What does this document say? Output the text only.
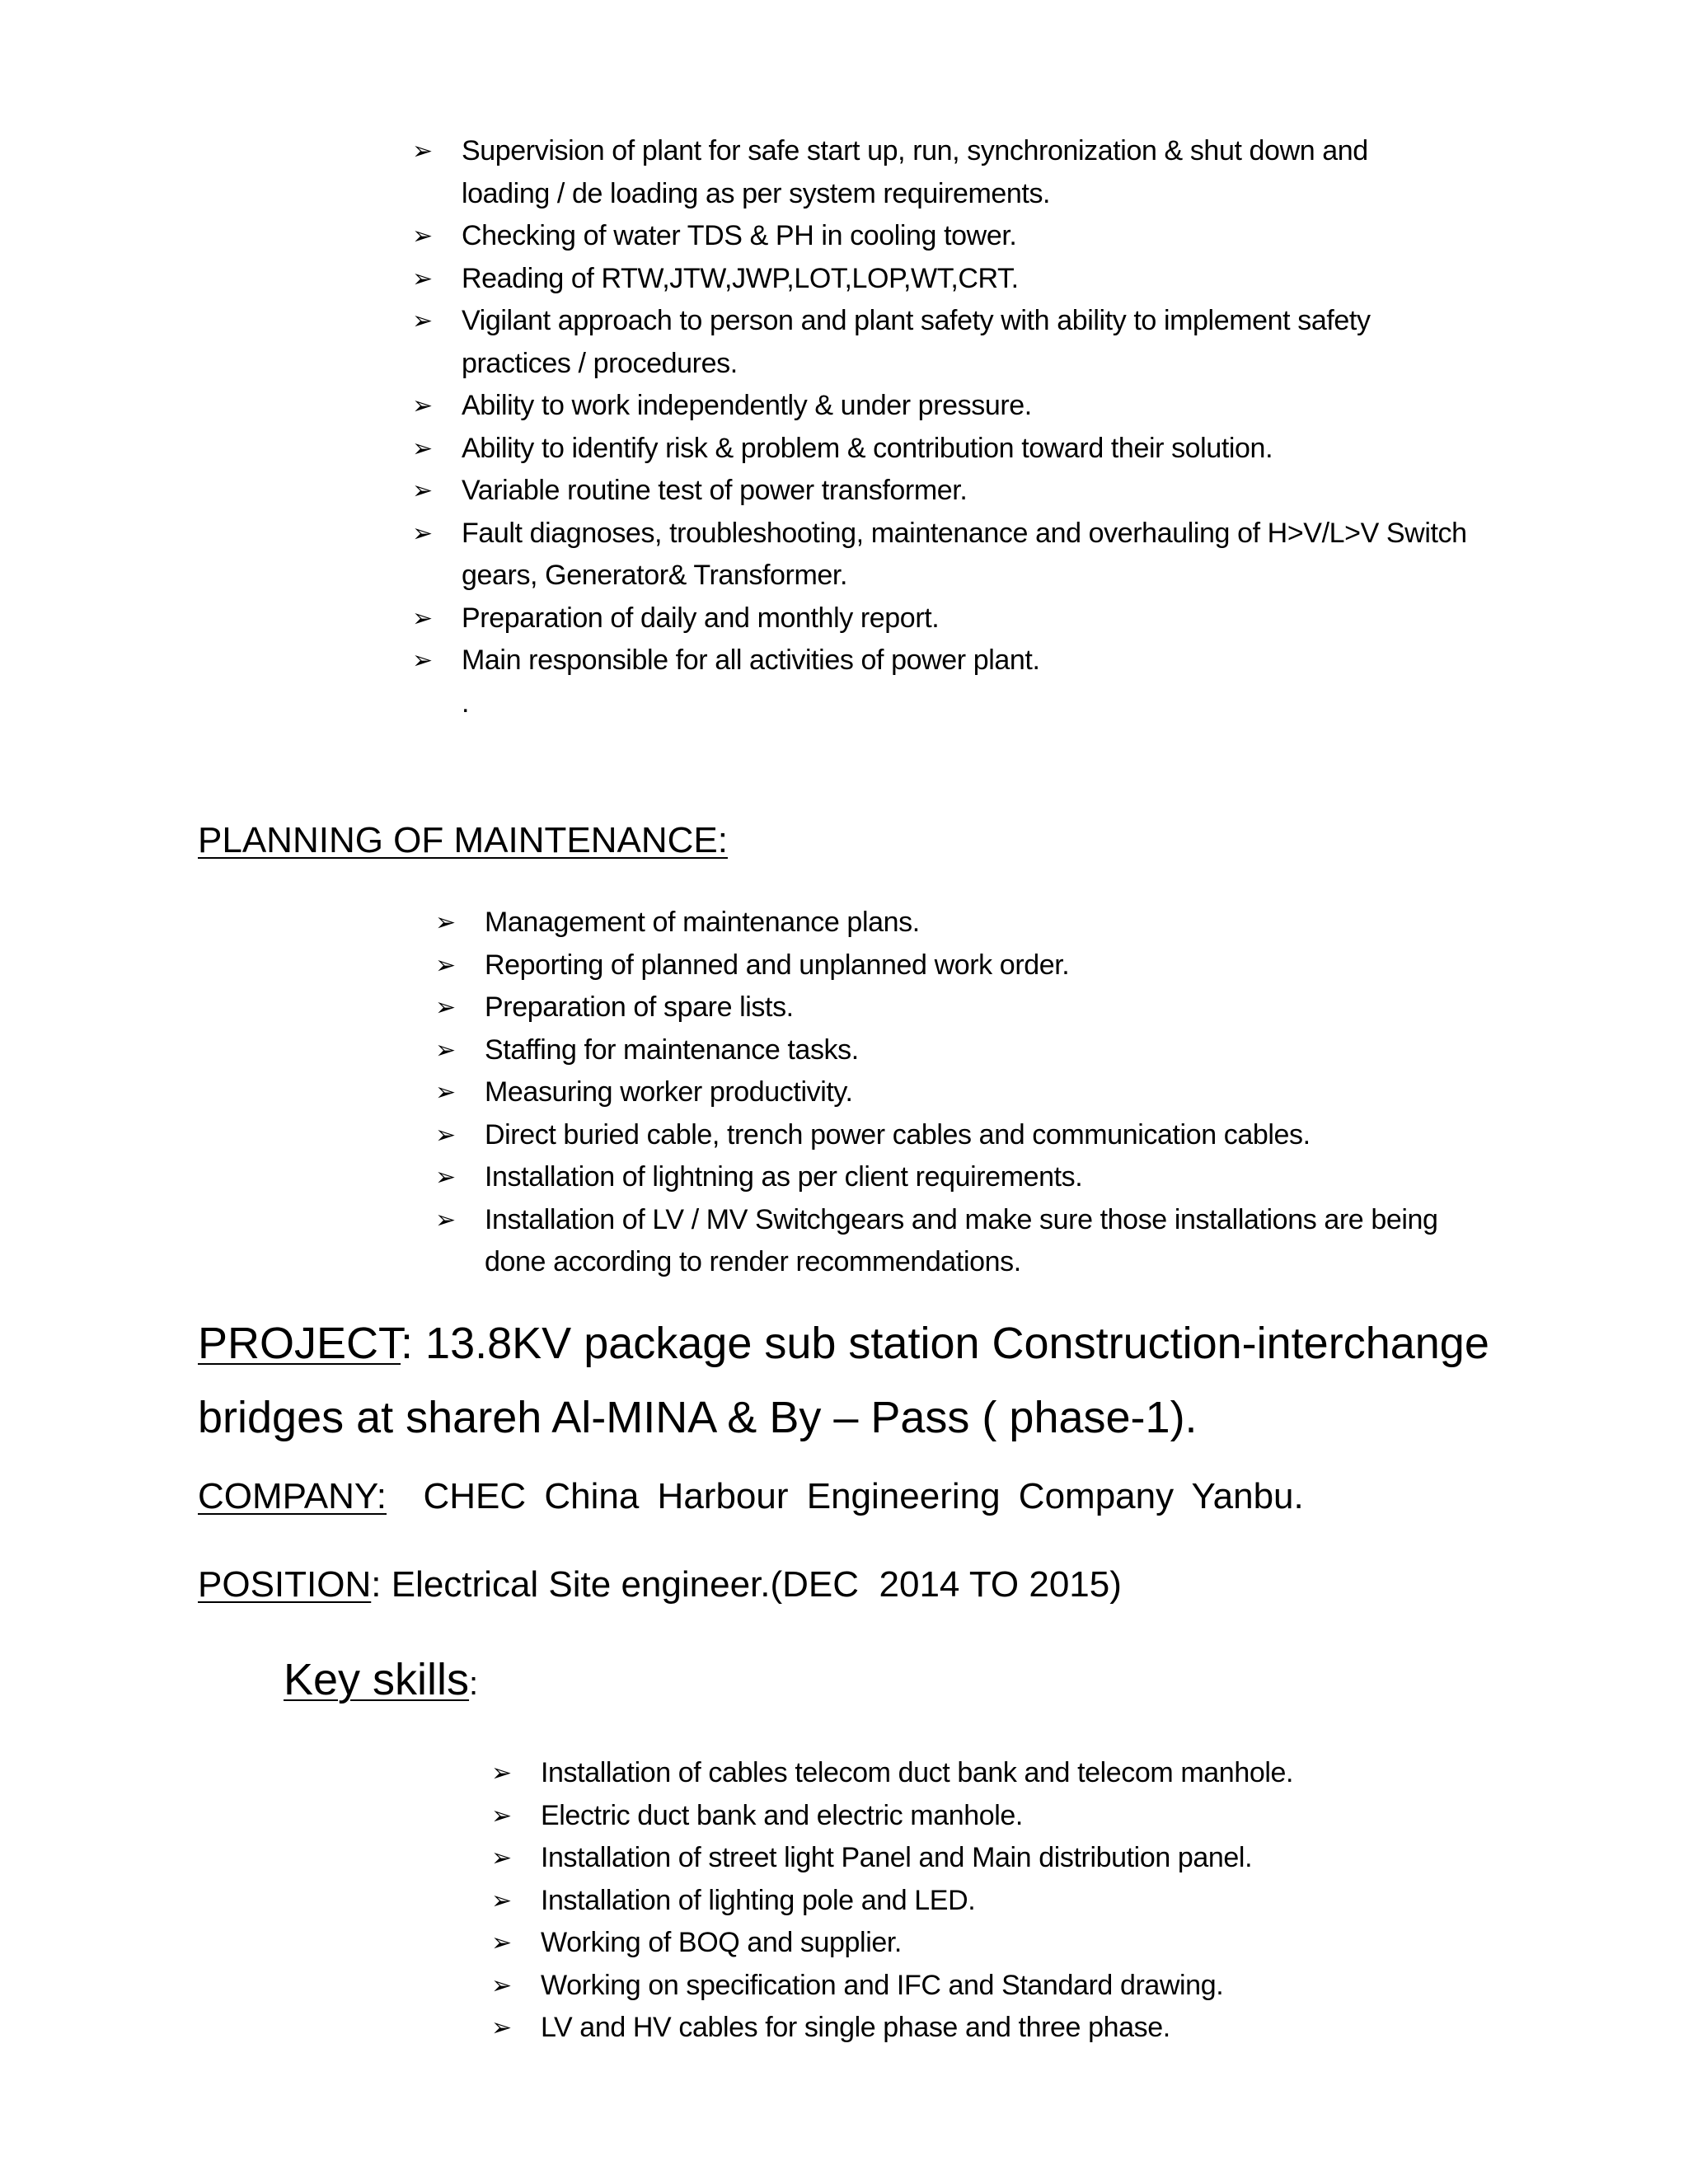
➢ Supervision of plant for safe start up, run, synchronization & shut down and
loading / de loading as per system requirements.
➢ Checking of water TDS & PH in cooling tower.
➢ Reading of RTW,JTW,JWP,LOT,LOP,WT,CRT.
➢ Vigilant approach to person and plant safety with ability to implement safety
practices / procedures.
➢ Ability to work independently & under pressure.
➢ Ability to identify risk & problem & contribution toward their solution.
➢ Variable routine test of power transformer.
➢ Fault diagnoses, troubleshooting, maintenance and overhauling of H>V/L>V Switch
gears, Generator& Transformer.
➢ Preparation of daily and monthly report.
➢ Main responsible for all activities of power plant.
.
PLANNING OF MAINTENANCE:
➢ Management of maintenance plans.
➢ Reporting of planned and unplanned work order.
➢ Preparation of spare lists.
➢ Staffing for maintenance tasks.
➢ Measuring worker productivity.
➢ Direct buried cable, trench power cables and communication cables.
➢ Installation of lightning as per client requirements.
➢ Installation of LV / MV Switchgears and make sure those installations are being
done according to render recommendations.
PROJECT: 13.8KV package sub station Construction-interchange bridges at shareh Al-MINA & By – Pass ( phase-1).
COMPANY:  CHEC China Harbour Engineering Company Yanbu.
POSITION: Electrical Site engineer.(DEC  2014 TO 2015)
Key skills:
➢ Installation of cables telecom duct bank and telecom manhole.
➢ Electric duct bank and electric manhole.
➢ Installation of street light Panel and Main distribution panel.
➢ Installation of lighting pole and LED.
➢ Working of BOQ and supplier.
➢ Working on specification and IFC and Standard drawing.
➢ LV and HV cables for single phase and three phase.
